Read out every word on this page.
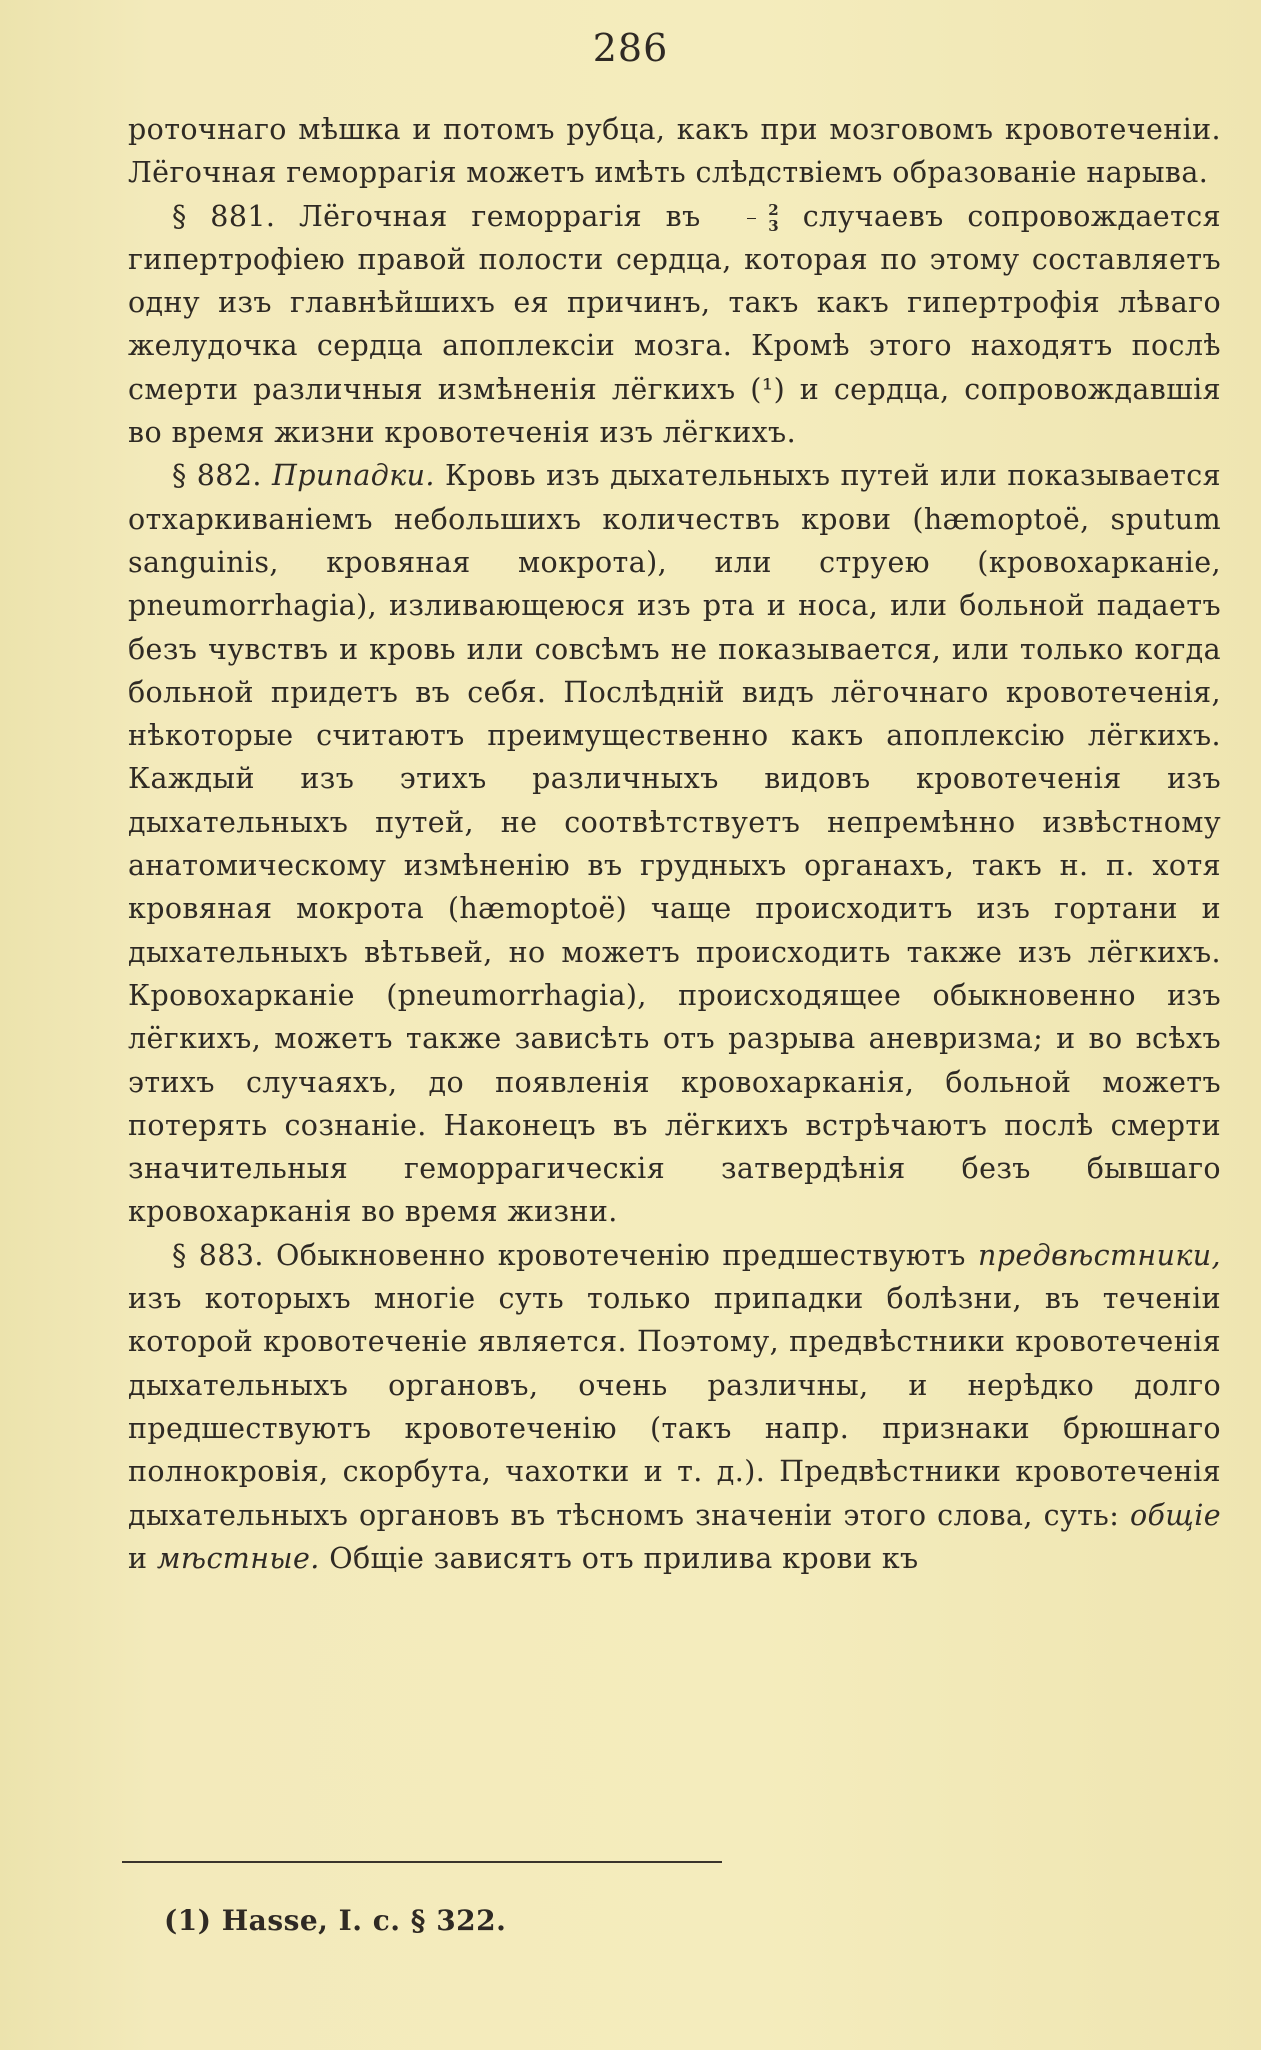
286

роточнаго мѣшка и потомъ рубца, какъ при мозговомъ кровотеченіи. Лёгочная геморрагія можетъ имѣть слѣдствіемъ образованіе нарыва.

§ 881. Лёгочная геморрагія въ $\frac{2}{3}$ случаевъ сопровождается гипертрофіею правой полости сердца, которая по этому составляетъ одну изъ главнѣйшихъ ея причинъ, такъ какъ гипертрофія лѣваго желудочка сердца апоплексіи мозга. Кромѣ этого находятъ послѣ смерти различныя измѣненія лёгкихъ (¹) и сердца, сопровождавшія во время жизни кровотеченія изъ лёгкихъ.

§ 882. Припадки. Кровь изъ дыхательныхъ путей или показывается отхаркиваніемъ небольшихъ количествъ крови (hæmoptoë, sputum sanguinis, кровяная мокрота), или струею (кровохарканіе, pneumorrhagia), изливающеюся изъ рта и носа, или больной падаетъ безъ чувствъ и кровь или совсѣмъ не показывается, или только когда больной придетъ въ себя. Послѣдній видъ лёгочнаго кровотеченія, нѣкоторые считаютъ преимущественно какъ апоплексію лёгкихъ. Каждый изъ этихъ различныхъ видовъ кровотеченія изъ дыхательныхъ путей, не соотвѣтствуетъ непремѣнно извѣстному анатомическому измѣненію въ грудныхъ органахъ, такъ н. п. хотя кровяная мокрота (hæmoptoë) чаще происходитъ изъ гортани и дыхательныхъ вѣтьвей, но можетъ происходить также изъ лёгкихъ. Кровохарканіе (pneumorrhagia), происходящее обыкновенно изъ лёгкихъ, можетъ также зависѣть отъ разрыва аневризма; и во всѣхъ этихъ случаяхъ, до появленія кровохарканія, больной можетъ потерять сознаніе. Наконецъ въ лёгкихъ встрѣчаютъ послѣ смерти значительныя геморрагическія затвердѣнія безъ бывшаго кровохарканія во время жизни.

§ 883. Обыкновенно кровотеченію предшествуютъ предвѣстники, изъ которыхъ многіе суть только припадки болѣзни, въ теченіи которой кровотеченіе является. Поэтому, предвѣстники кровотеченія дыхательныхъ органовъ, очень различны, и нерѣдко долго предшествуютъ кровотеченію (такъ напр. признаки брюшнаго полнокровія, скорбута, чахотки и т. д.). Предвѣстники кровотеченія дыхательныхъ органовъ въ тѣсномъ значеніи этого слова, суть: общіе и мѣстные. Общіе зависятъ отъ прилива крови къ

(1) Hasse, I. c. § 322.
